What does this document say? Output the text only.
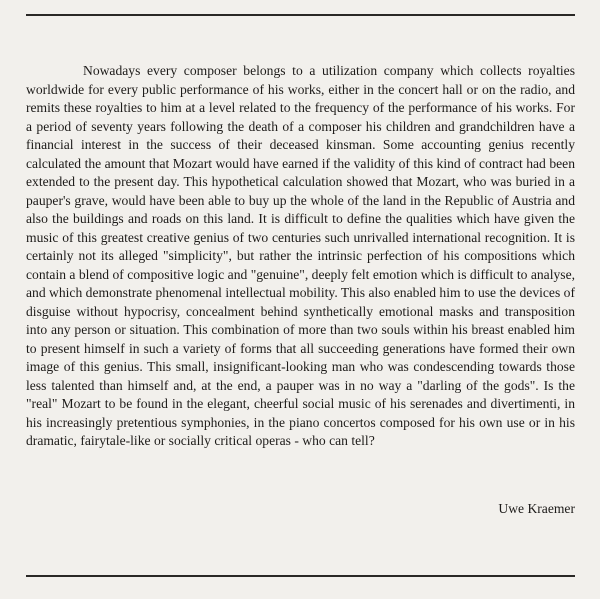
Nowadays every composer belongs to a utilization company which collects royalties worldwide for every public performance of his works, either in the concert hall or on the radio, and remits these royalties to him at a level related to the frequency of the performance of his works. For a period of seventy years following the death of a composer his children and grandchildren have a financial interest in the success of their deceased kinsman. Some accounting genius recently calculated the amount that Mozart would have earned if the validity of this kind of contract had been extended to the present day. This hypothetical calculation showed that Mozart, who was buried in a pauper's grave, would have been able to buy up the whole of the land in the Republic of Austria and also the buildings and roads on this land. It is difficult to define the qualities which have given the music of this greatest creative genius of two centuries such unrivalled international recognition. It is certainly not its alleged "simplicity", but rather the intrinsic perfection of his compositions which contain a blend of compositive logic and "genuine", deeply felt emotion which is difficult to analyse, and which demonstrate phenomenal intellectual mobility. This also enabled him to use the devices of disguise without hypocrisy, concealment behind synthetically emotional masks and transposition into any person or situation. This combination of more than two souls within his breast enabled him to present himself in such a variety of forms that all succeeding generations have formed their own image of this genius. This small, insignificant-looking man who was condescending towards those less talented than himself and, at the end, a pauper was in no way a "darling of the gods". Is the "real" Mozart to be found in the elegant, cheerful social music of his serenades and divertimenti, in his increasingly pretentious symphonies, in the piano concertos composed for his own use or in his dramatic, fairytale-like or socially critical operas - who can tell?

Uwe Kraemer
